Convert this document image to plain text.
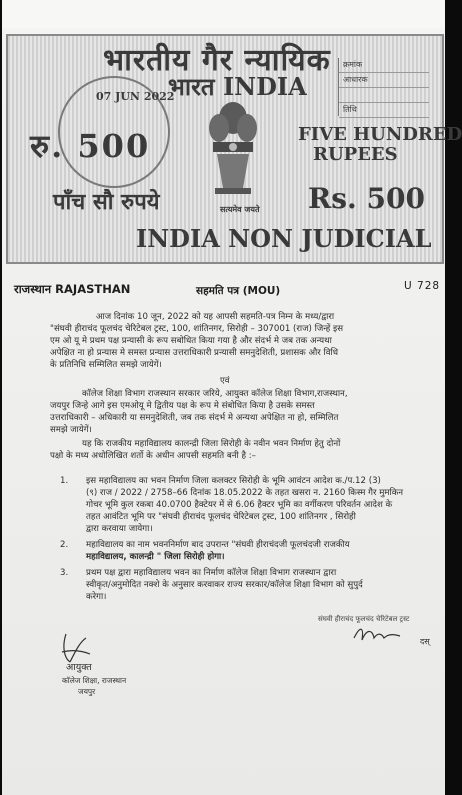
भारतीय गैर न्यायिक
भारत INDIA
07 JUN 2022
रु. 500	FIVE HUNDRED
RUPEES
पाँच सौ रुपये	Rs. 500
सत्यमेव जयते
INDIA NON JUDICIAL
क्रमांक
आधारक
तिथि
राजस्थान RAJASTHAN	सहमति पत्र (MOU)	U 728
आज दिनांक 10 जून, 2022 को यह आपसी सहमति-पत्र निम्न के मध्य/द्वारा
"संघवी हीराचंद फूलचंद चेरिटेबल ट्रस्ट, 100, शांतिनगर, सिरोही – 307001 (राज) जिन्हें इस
एम ओ यू मे प्रथम पक्ष प्रन्यासी के रूप सबोधित किया गया है और संदर्भ मे जब तक अन्यथा
अपेक्षित ना हो प्रन्यास मे समस्त प्रन्यास उत्तराधिकारी प्रन्यासी समनुदेशिती, प्रशासक और विधि
के प्रतिनिधि सम्मिलित समझे जायेगें।
एवं
कॉलेज शिक्षा विभाग राजस्थान सरकार जरिये, आयुक्त कॉलेज शिक्षा विभाग,राजस्थान,
जयपुर जिन्हे आगे इस एमओयू मे द्वितीय पक्ष के रूप मे संबोधित किया है उसके समस्त
उत्तराधिकारी – अधिकारी या समनुदेशिती, जब तक संदर्भ मे अन्यथा अपेक्षित ना हो, सम्मिलित
समझे जायेगें।
यह कि राजकीय महाविद्यालय कालन्द्री जिला सिरोही के नवीन भवन निर्माण हेतु दोनों
पक्षो के मध्य अधोलिखित शर्तो के अधीन आपसी सहमति बनी है :–
1. इस महाविद्यालय का भवन निर्माण जिला कलक्टर सिरोही के भूमि आवंटन आदेश क./प.12 (3)
(९) राज / 2022 / 2758–66 दिनांक 18.05.2022 के तहत खसरा न. 2160 किस्म गैर मुमकिन
गोचर भूमि कुल रकबा 40.0700 हैक्टेयर में से 6.06 हैक्टर भूमि का वर्गीकरण परिवर्तन आदेश के
तहत आवंटित भूमि पर "संघवी हीराचंद फूलचंद चेरिटेबल ट्रस्ट, 100 शांतिनगर , सिरोही
द्वारा करवाया जायेगा।
2. महाविद्यालय का नाम भवननिर्माण बाद उपरान्त "संघवी हीराचंदजी फूलचंदजी राजकीय
महाविद्यालय, कालन्द्री " जिला सिरोही होगा।
3. प्रथम पक्ष द्वारा महाविद्यालय भवन का निर्माण कॉलेज शिक्षा विभाग राजस्थान द्वारा
स्वीकृत/अनुमोदित नक्शे के अनुसार करवाकर राज्य सरकार/कॉलेज शिक्षा विभाग को सुपुर्द
करेगा।
संघवी हीराचंद फूलचंद चेरिटेबल ट्रस्ट
दस्
आयुक्त
कॉलेज शिक्षा, राजस्थान
जयपुर
